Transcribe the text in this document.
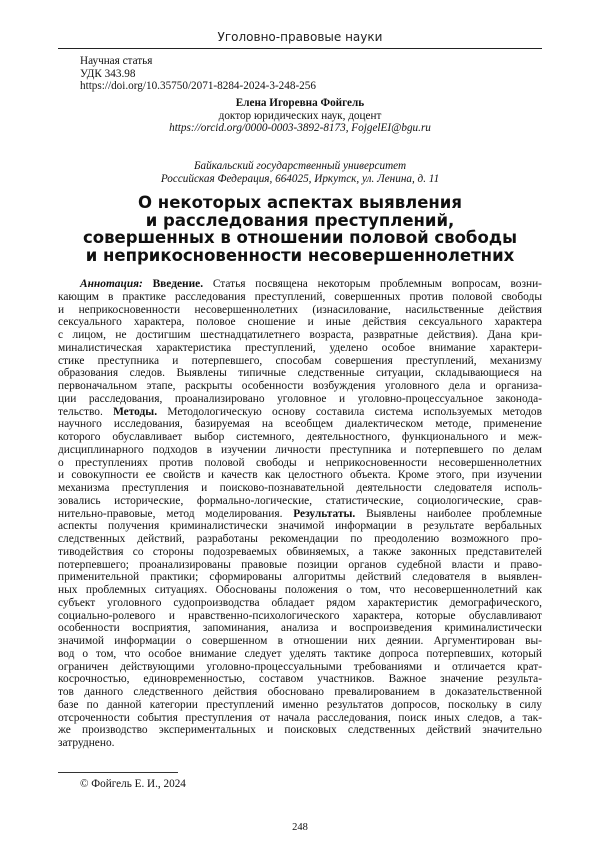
Уголовно-правовые науки
Научная статья
УДК 343.98
https://doi.org/10.35750/2071-8284-2024-3-248-256
Елена Игоревна Фойгель
доктор юридических наук, доцент
https://orcid.org/0000-0003-3892-8173, FojgelEI@bgu.ru
Байкальский государственный университет
Российская Федерация, 664025, Иркутск, ул. Ленина, д. 11
О некоторых аспектах выявления
и расследования преступлений,
совершенных в отношении половой свободы
и неприкосновенности несовершеннолетних
Аннотация: Введение. Статья посвящена некоторым проблемным вопросам, возни-
кающим в практике расследования преступлений, совершенных против половой свободы
и неприкосновенности несовершеннолетних (изнасилование, насильственные действия
сексуального характера, половое сношение и иные действия сексуального характера
с лицом, не достигшим шестнадцатилетнего возраста, развратные действия). Дана кри-
миналистическая характеристика преступлений, уделено особое внимание характери-
стике преступника и потерпевшего, способам совершения преступлений, механизму
образования следов. Выявлены типичные следственные ситуации, складывающиеся на
первоначальном этапе, раскрыты особенности возбуждения уголовного дела и организа-
ции расследования, проанализировано уголовное и уголовно-процессуальное законода-
тельство. Методы. Методологическую основу составила система используемых методов
научного исследования, базируемая на всеобщем диалектическом методе, применение
которого обуславливает выбор системного, деятельностного, функционального и меж-
дисциплинарного подходов в изучении личности преступника и потерпевшего по делам
о преступлениях против половой свободы и неприкосновенности несовершеннолетних
и совокупности ее свойств и качеств как целостного объекта. Кроме этого, при изучении
механизма преступления и поисково-познавательной деятельности следователя исполь-
зовались исторические, формально-логические, статистические, социологические, срав-
нительно-правовые, метод моделирования. Результаты. Выявлены наиболее проблемные
аспекты получения криминалистически значимой информации в результате вербальных
следственных действий, разработаны рекомендации по преодолению возможного про-
тиводействия со стороны подозреваемых обвиняемых, а также законных представителей
потерпевшего; проанализированы правовые позиции органов судебной власти и право-
применительной практики; сформированы алгоритмы действий следователя в выявлен-
ных проблемных ситуациях. Обоснованы положения о том, что несовершеннолетний как
субъект уголовного судопроизводства обладает рядом характеристик демографического,
социально-ролевого и нравственно-психологического характера, которые обуславливают
особенности восприятия, запоминания, анализа и воспроизведения криминалистически
значимой информации о совершенном в отношении них деянии. Аргументирован вы-
вод о том, что особое внимание следует уделять тактике допроса потерпевших, который
ограничен действующими уголовно-процессуальными требованиями и отличается крат-
косрочностью, единовременностью, составом участников. Важное значение результа-
тов данного следственного действия обосновано превалированием в доказательственной
базе по данной категории преступлений именно результатов допросов, поскольку в силу
отсроченности события преступления от начала расследования, поиск иных следов, а так-
же производство экспериментальных и поисковых следственных действий значительно
затруднено.
© Фойгель Е. И., 2024
248
